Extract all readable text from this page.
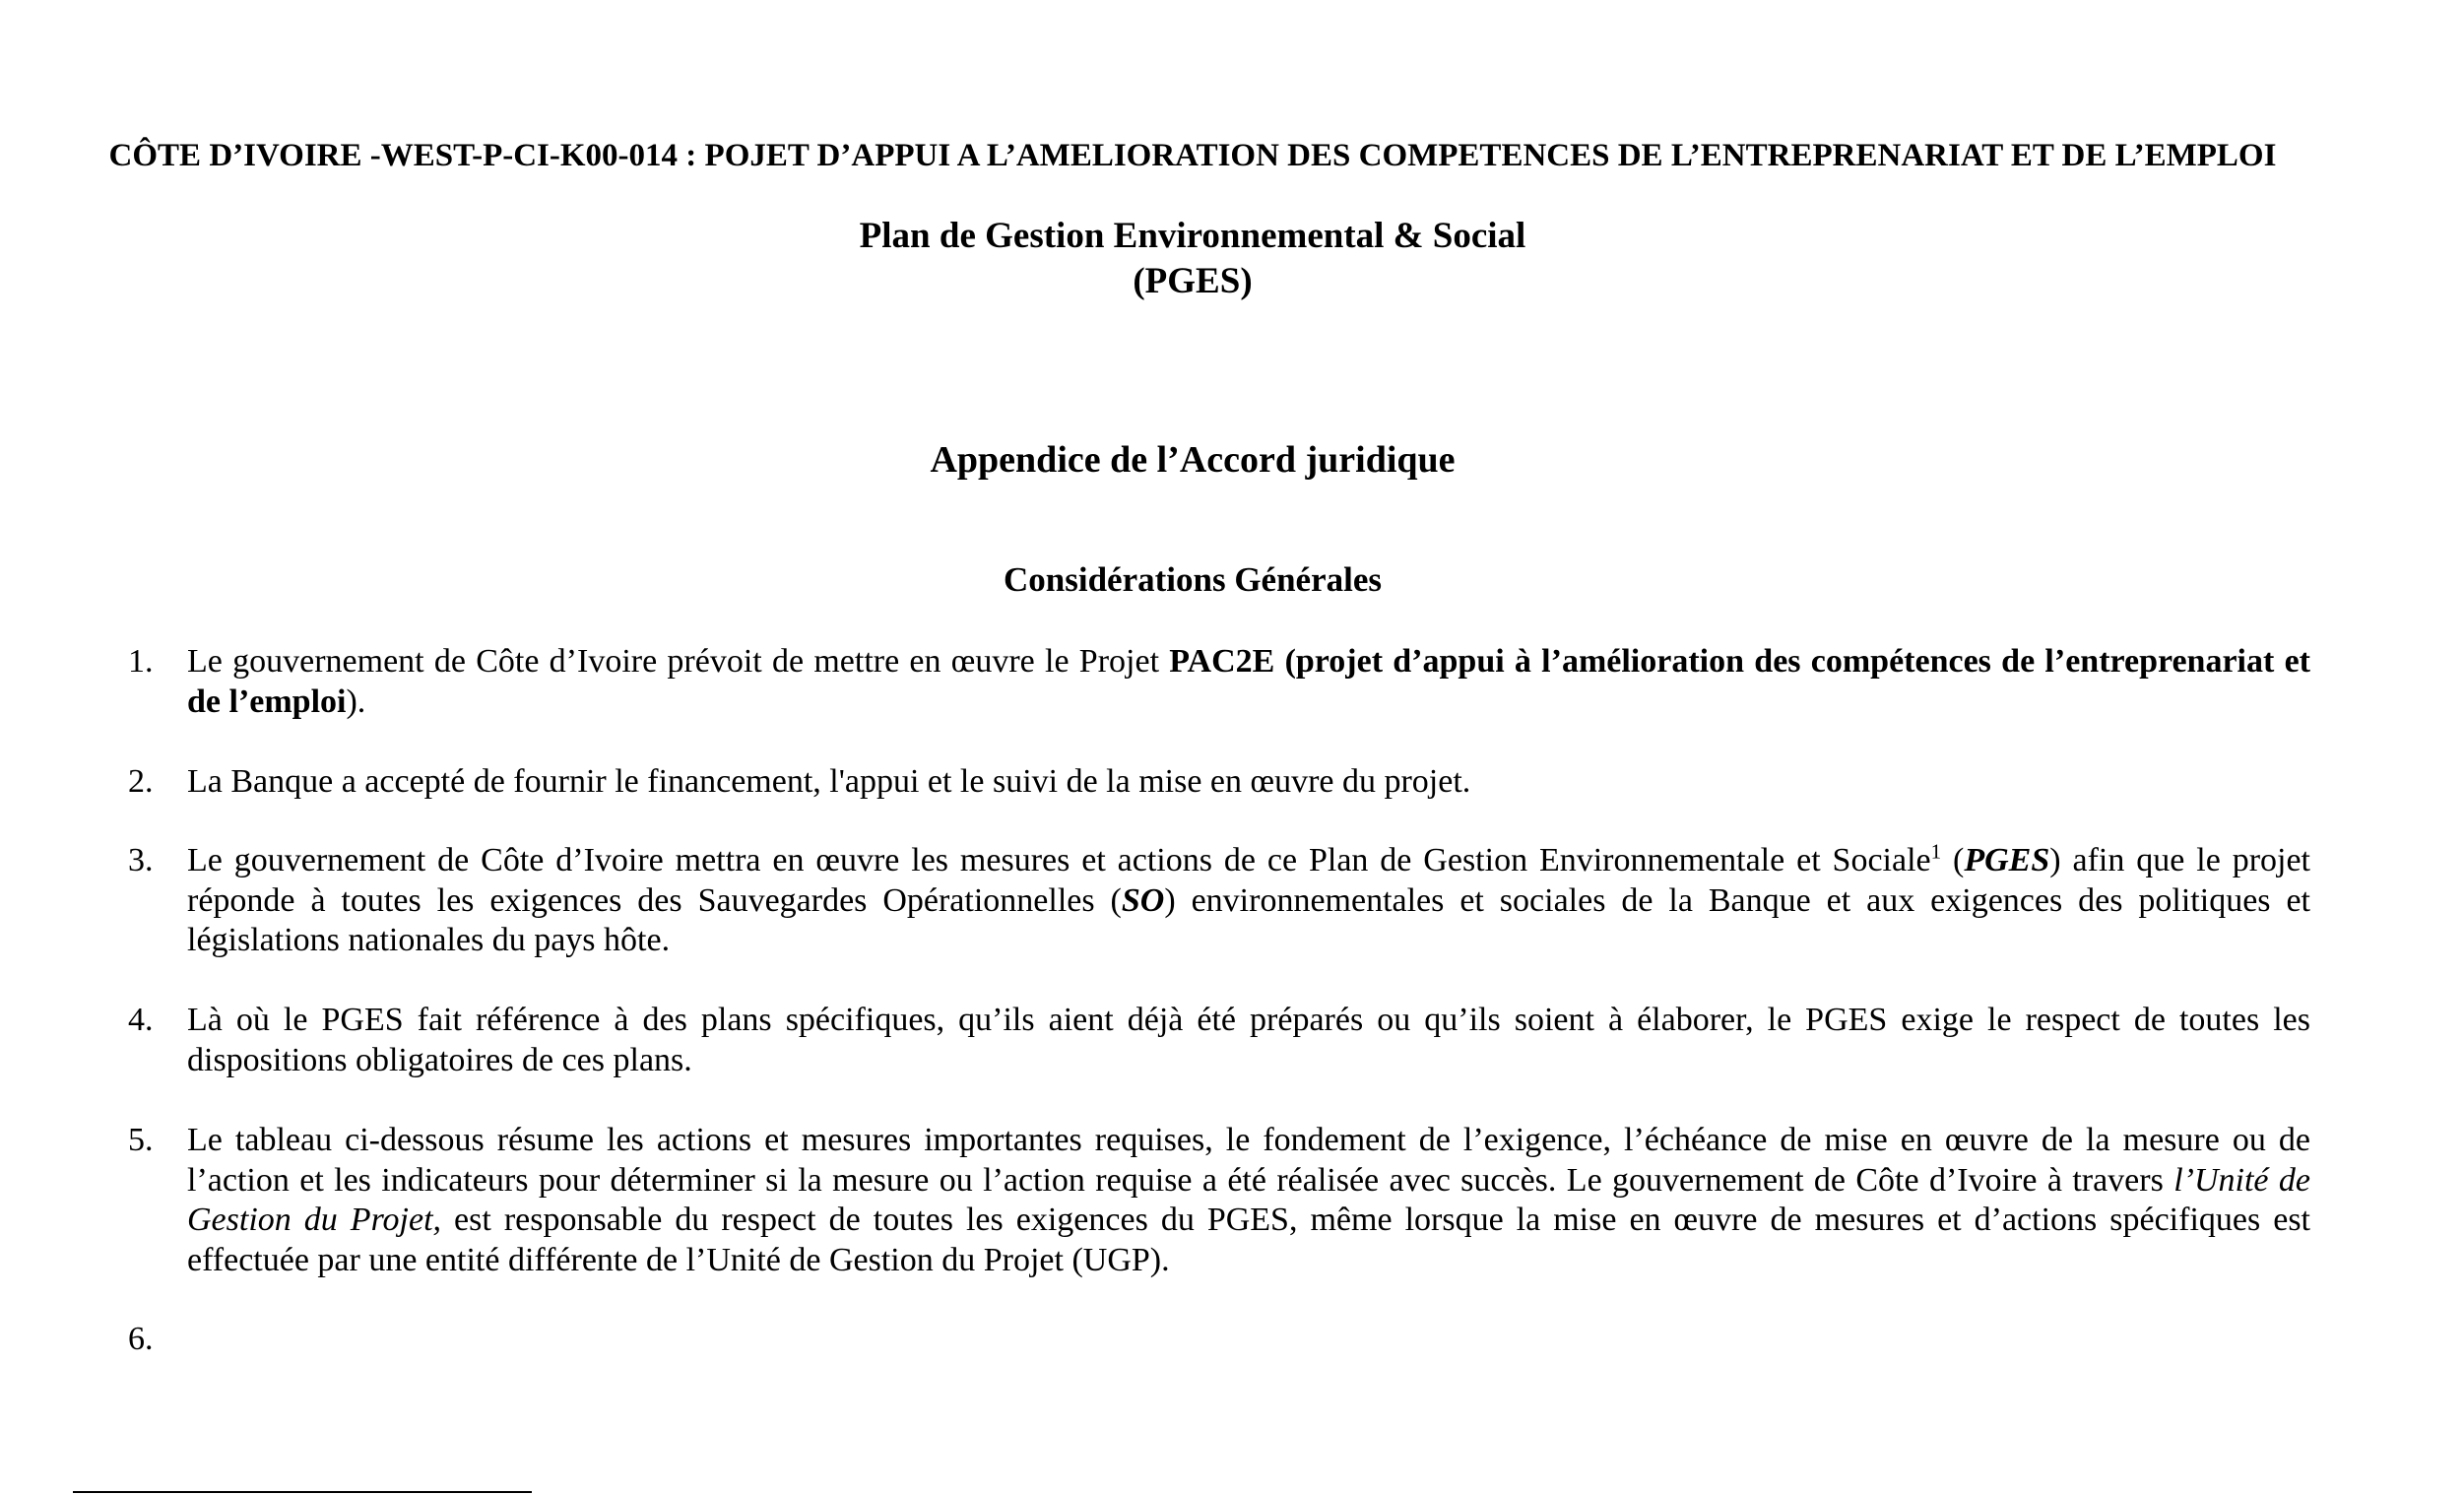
CÔTE D’IVOIRE -WEST-P-CI-K00-014 : POJET D’APPUI A L’AMELIORATION DES COMPETENCES DE L’ENTREPRENARIAT ET DE L’EMPLOI
Plan de Gestion Environnemental & Social
(PGES)
Appendice de l’Accord juridique
Considérations Générales
1. Le gouvernement de Côte d’Ivoire prévoit de mettre en œuvre le Projet PAC2E (projet d’appui à l’amélioration des compétences de l’entreprenariat et de l’emploi).
2. La Banque a accepté de fournir le financement, l'appui et le suivi de la mise en œuvre du projet.
3. Le gouvernement de Côte d’Ivoire mettra en œuvre les mesures et actions de ce Plan de Gestion Environnementale et Sociale$^1$ (PGES) afin que le projet réponde à toutes les exigences des Sauvegardes Opérationnelles (SO) environnementales et sociales de la Banque et aux exigences des politiques et législations nationales du pays hôte.
4. Là où le PGES fait référence à des plans spécifiques, qu’ils aient déjà été préparés ou qu’ils soient à élaborer, le PGES exige le respect de toutes les dispositions obligatoires de ces plans.
5. Le tableau ci-dessous résume les actions et mesures importantes requises, le fondement de l’exigence, l’échéance de mise en œuvre de la mesure ou de l’action et les indicateurs pour déterminer si la mesure ou l’action requise a été réalisée avec succès. Le gouvernement de Côte d’Ivoire à travers l’Unité de Gestion du Projet, est responsable du respect de toutes les exigences du PGES, même lorsque la mise en œuvre de mesures et d’actions spécifiques est effectuée par une entité différente de l’Unité de Gestion du Projet (UGP).
6.
